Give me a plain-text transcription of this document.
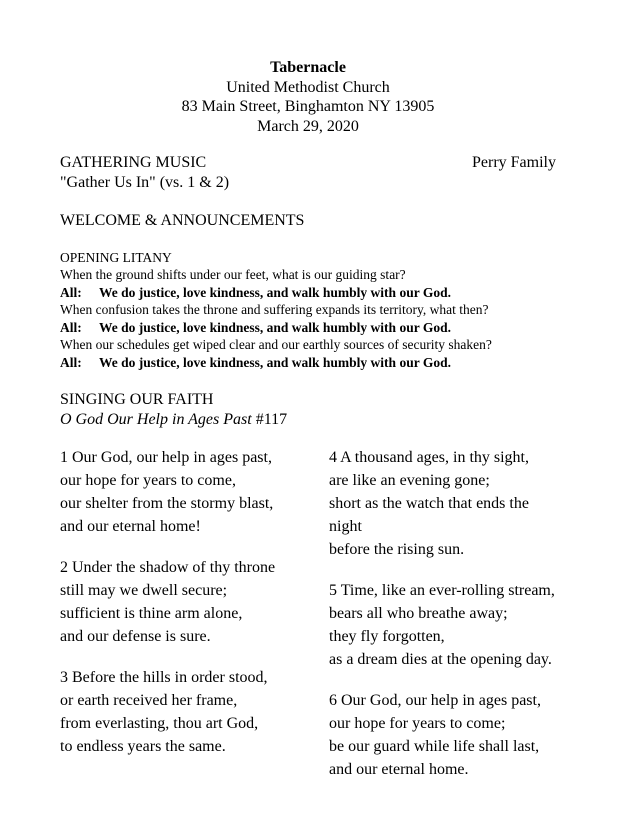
Tabernacle
United Methodist Church
83 Main Street, Binghamton NY 13905
March 29, 2020
GATHERING MUSIC	Perry Family
"Gather Us In" (vs. 1 & 2)
WELCOME & ANNOUNCEMENTS
OPENING LITANY
When the ground shifts under our feet, what is our guiding star?
All: We do justice, love kindness, and walk humbly with our God.
When confusion takes the throne and suffering expands its territory, what then?
All: We do justice, love kindness, and walk humbly with our God.
When our schedules get wiped clear and our earthly sources of security shaken?
All: We do justice, love kindness, and walk humbly with our God.
SINGING OUR FAITH
O God Our Help in Ages Past #117
1 Our God, our help in ages past,
our hope for years to come,
our shelter from the stormy blast,
and our eternal home!
2 Under the shadow of thy throne
still may we dwell secure;
sufficient is thine arm alone,
and our defense is sure.
3 Before the hills in order stood,
or earth received her frame,
from everlasting, thou art God,
to endless years the same.
4 A thousand ages, in thy sight,
are like an evening gone;
short as the watch that ends the night
before the rising sun.
5 Time, like an ever-rolling stream,
bears all who breathe away;
they fly forgotten,
as a dream dies at the opening day.
6 Our God, our help in ages past,
our hope for years to come;
be our guard while life shall last,
and our eternal home.
